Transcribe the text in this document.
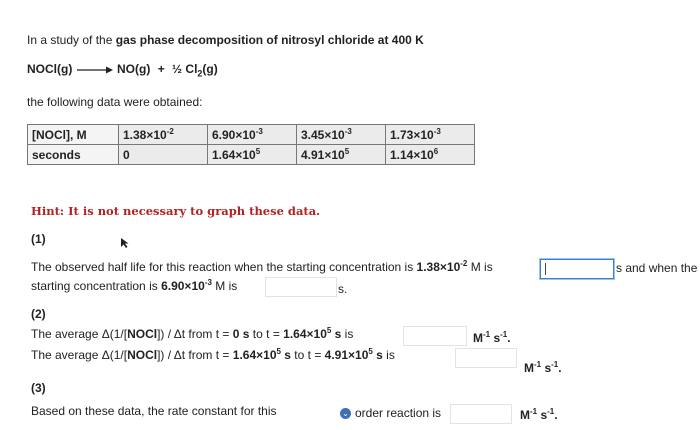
In a study of the gas phase decomposition of nitrosyl chloride at 400 K
NOCl(g) → NO(g) + ½ $Cl_2(g)$
the following data were obtained:
[NOCl], M	$1.38\times 10^{-2}$	$6.90\times 10^{-3}$	$3.45\times 10^{-3}$	$1.73\times 10^{-3}$
seconds	0	$1.64\times 10^5$	$4.91\times 10^5$	$1.14\times 10^6$
Hint: It is not necessary to graph these data.
(1)
The observed half life for this reaction when the starting concentration is $1.38\times 10^{-2}$ M is	s and when the
starting concentration is $6.90\times 10^{-3}$ M is	s.
(2)
The average Δ(1/[NOCl]) / Δt from t = 0 s to $t = 1.64\times 10^5$ s is	$M^{-1}$ $s^{-1}$.
The average Δ(1/[NOCl]) / Δt from $t = 1.64\times 10^5$ s to $t = 4.91\times 10^5$ s is
$M^{-1}$ $s^{-1}$.
(3)
Based on these data, the rate constant for this	⌄ order reaction is	$M^{-1}$ $s^{-1}$.
